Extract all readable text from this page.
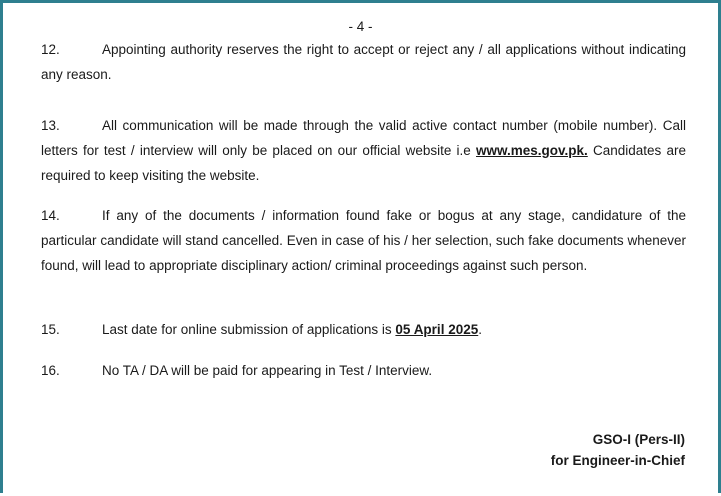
- 4 -

12.	Appointing authority reserves the right to accept or reject any / all applications without indicating any reason.

13.	All communication will be made through the valid active contact number (mobile number). Call letters for test / interview will only be placed on our official website i.e www.mes.gov.pk. Candidates are required to keep visiting the website.

14.	If any of the documents / information found fake or bogus at any stage, candidature of the particular candidate will stand cancelled. Even in case of his / her selection, such fake documents whenever found, will lead to appropriate disciplinary action/ criminal proceedings against such person.

15.	Last date for online submission of applications is 05 April 2025.

16.	No TA / DA will be paid for appearing in Test / Interview.

GSO-I (Pers-II)
for Engineer-in-Chief
